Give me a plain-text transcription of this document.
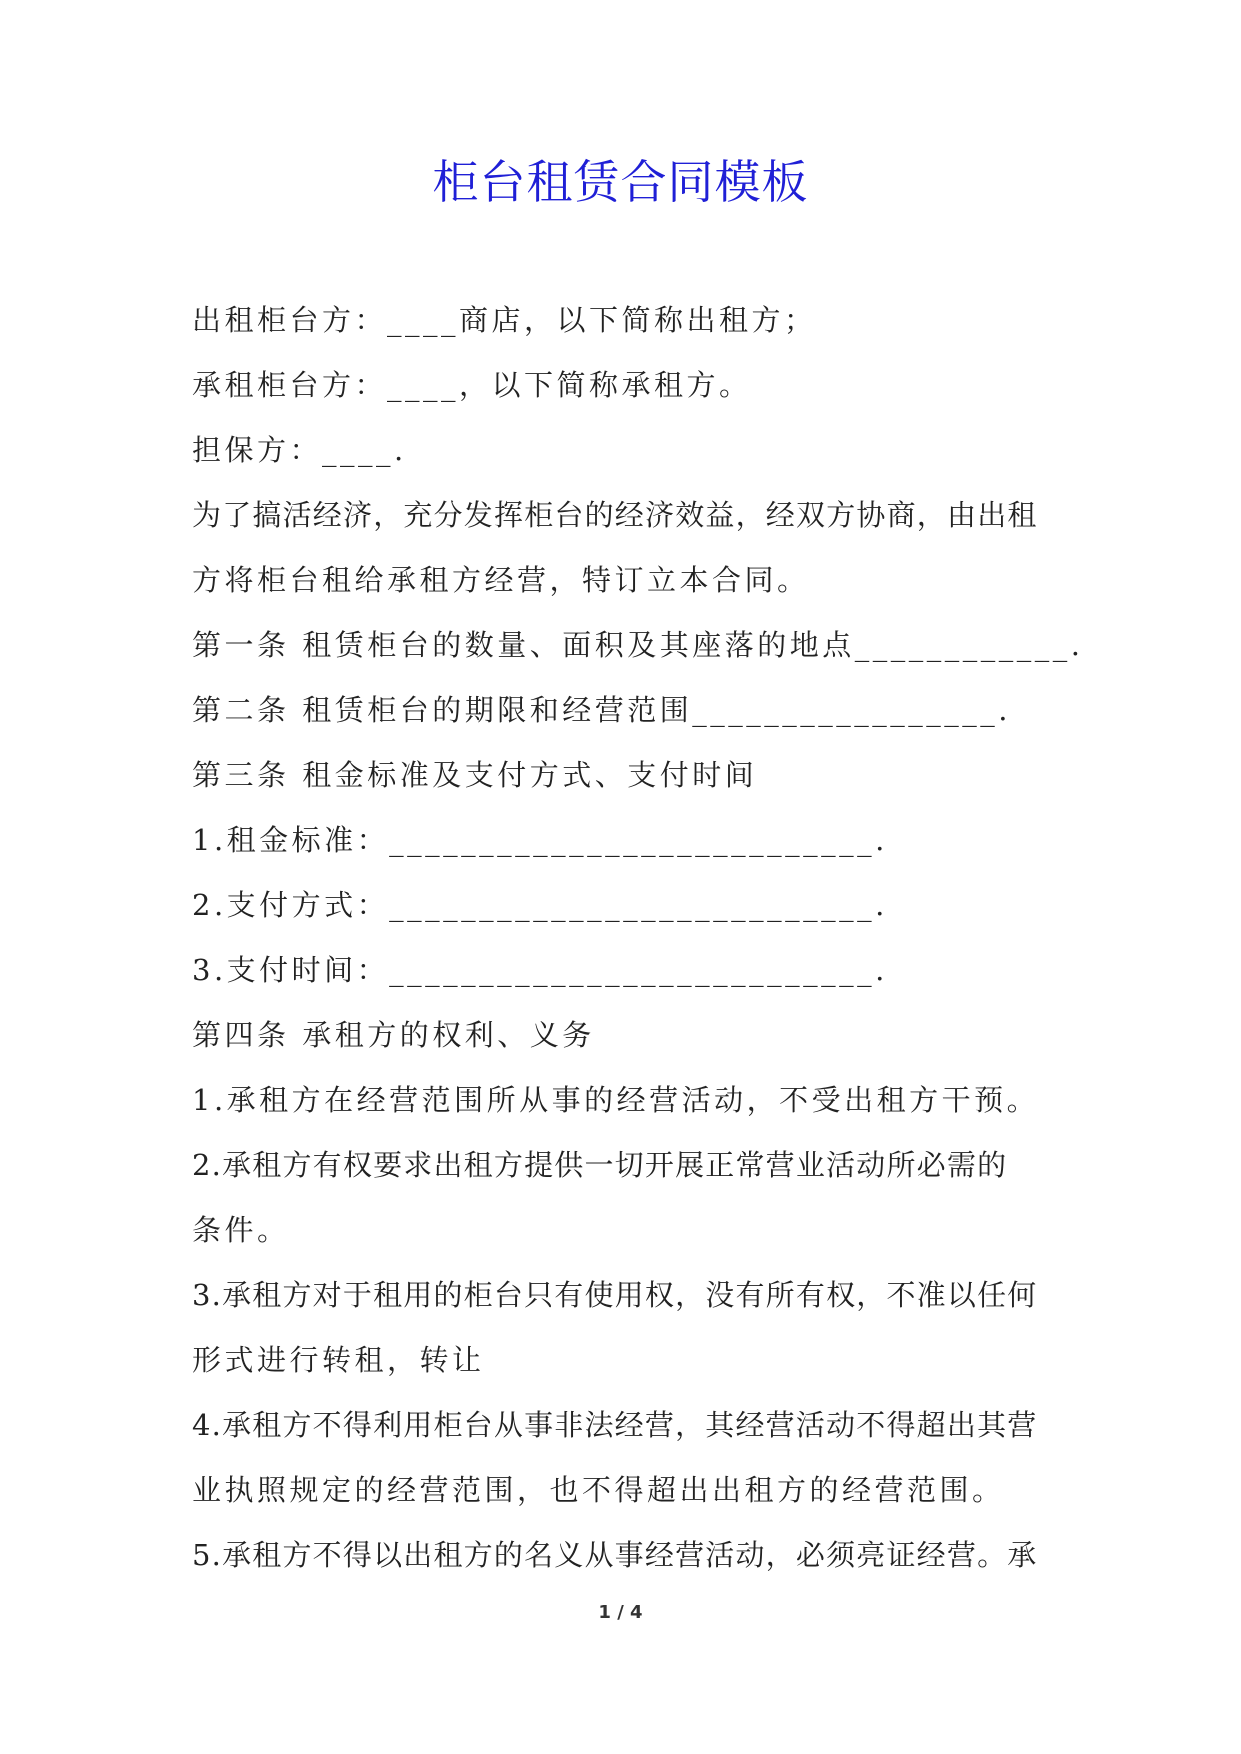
柜台租赁合同模板
出租柜台方：____商店，以下简称出租方；
承租柜台方：____，以下简称承租方。
担保方：____.
为了搞活经济，充分发挥柜台的经济效益，经双方协商，由出租
方将柜台租给承租方经营，特订立本合同。
第一条 租赁柜台的数量、面积及其座落的地点____________.
第二条 租赁柜台的期限和经营范围_________________.
第三条 租金标准及支付方式、支付时间
1.租金标准：___________________________.
2.支付方式：___________________________.
3.支付时间：___________________________.
第四条 承租方的权利、义务
1.承租方在经营范围所从事的经营活动，不受出租方干预。
2.承租方有权要求出租方提供一切开展正常营业活动所必需的
条件。
3.承租方对于租用的柜台只有使用权，没有所有权，不准以任何
形式进行转租，转让
4.承租方不得利用柜台从事非法经营，其经营活动不得超出其营
业执照规定的经营范围，也不得超出出租方的经营范围。
5.承租方不得以出租方的名义从事经营活动，必须亮证经营。承
1 / 4
